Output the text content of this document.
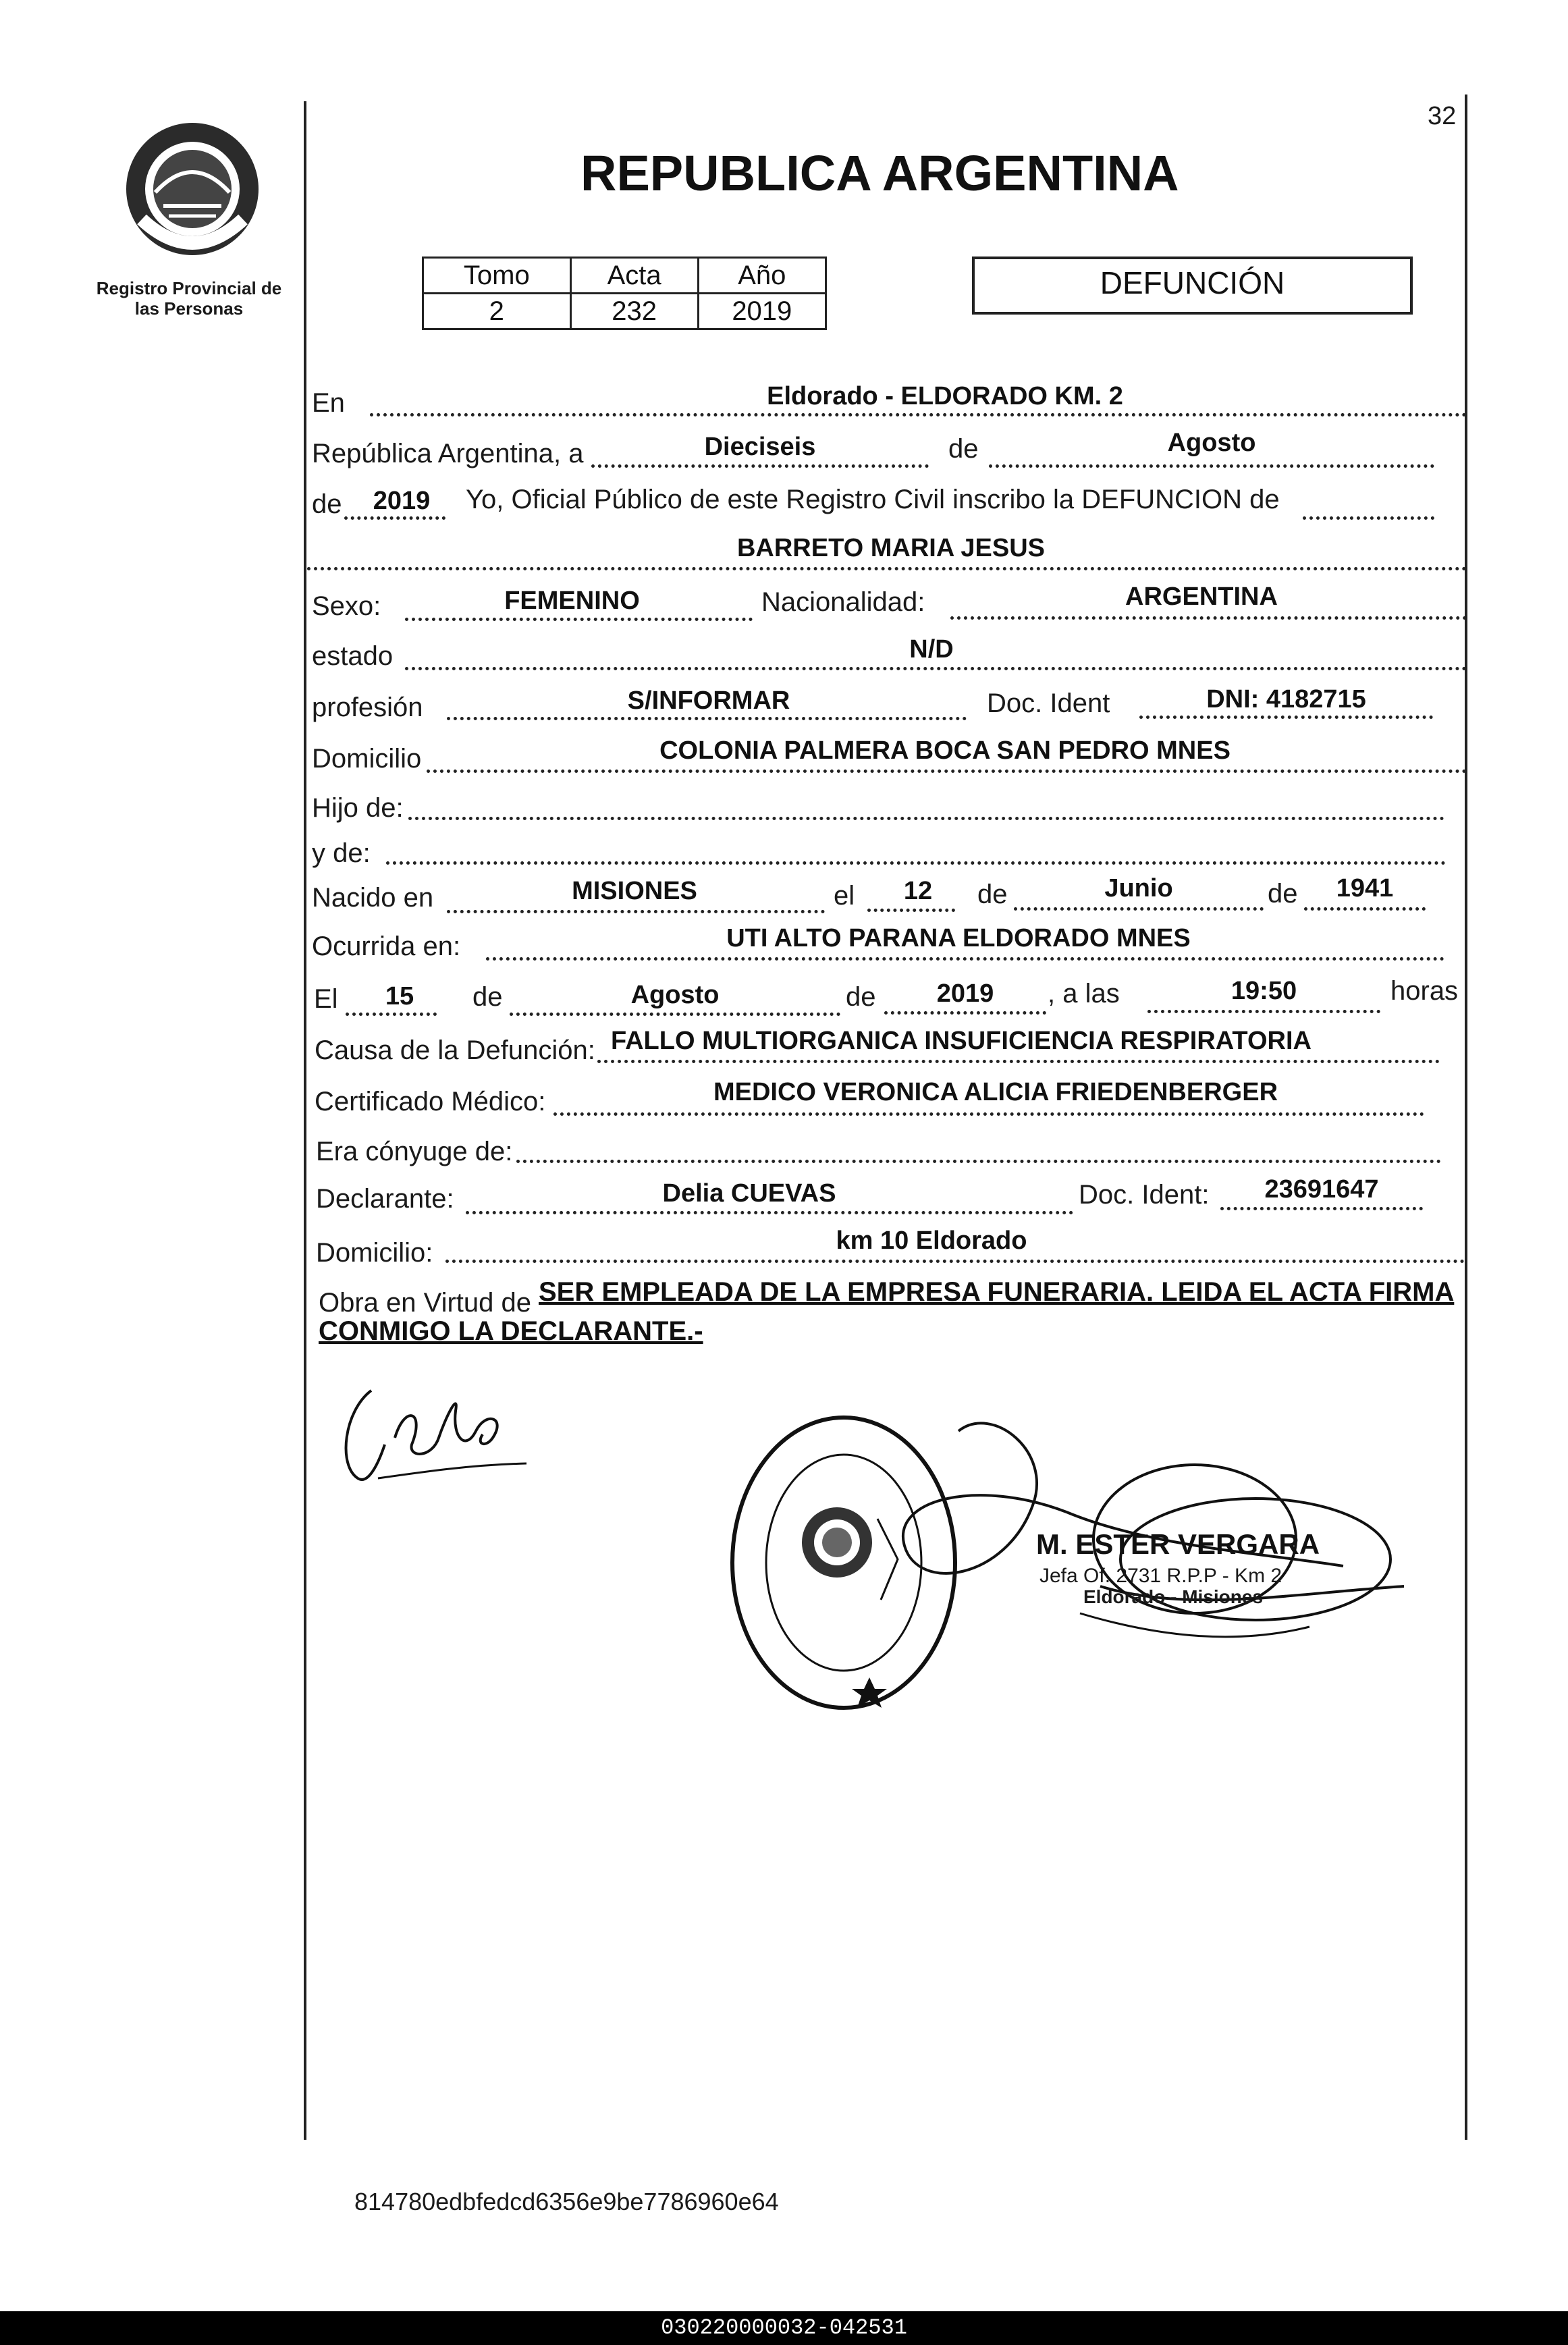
Registro Provincial de
las Personas
32
REPUBLICA ARGENTINA
Tomo	Acta	Año
2	232	2019
DEFUNCIÓN
En	Eldorado - ELDORADO KM. 2
República Argentina, a	Dieciseis	de	Agosto
de	2019	Yo, Oficial Público de este Registro Civil inscribo la DEFUNCION de
BARRETO MARIA JESUS
Sexo:	FEMENINO	Nacionalidad:	ARGENTINA
estado	N/D
profesión	S/INFORMAR	Doc. Ident	DNI: 4182715
Domicilio	COLONIA PALMERA BOCA SAN PEDRO MNES
Hijo de:
y de:
Nacido en	MISIONES	el	12	de	Junio	de	1941
Ocurrida en:	UTI ALTO PARANA ELDORADO MNES
El	15	de	Agosto	de	2019	, a las	19:50	horas
Causa de la Defunción: FALLO MULTIORGANICA INSUFICIENCIA RESPIRATORIA
Certificado Médico:	MEDICO VERONICA ALICIA FRIEDENBERGER
Era cónyuge de:
Declarante:	Delia CUEVAS	Doc. Ident:	23691647
Domicilio:	km 10 Eldorado
Obra en Virtud de SER EMPLEADA DE LA EMPRESA FUNERARIA. LEIDA EL ACTA FIRMA
CONMIGO LA DECLARANTE.-
M. ESTER VERGARA
Jefa Of. 2731 R.P.P - Km 2
Eldorado - Misiones
814780edbfedcd6356e9be7786960e64
030220000032-042531
